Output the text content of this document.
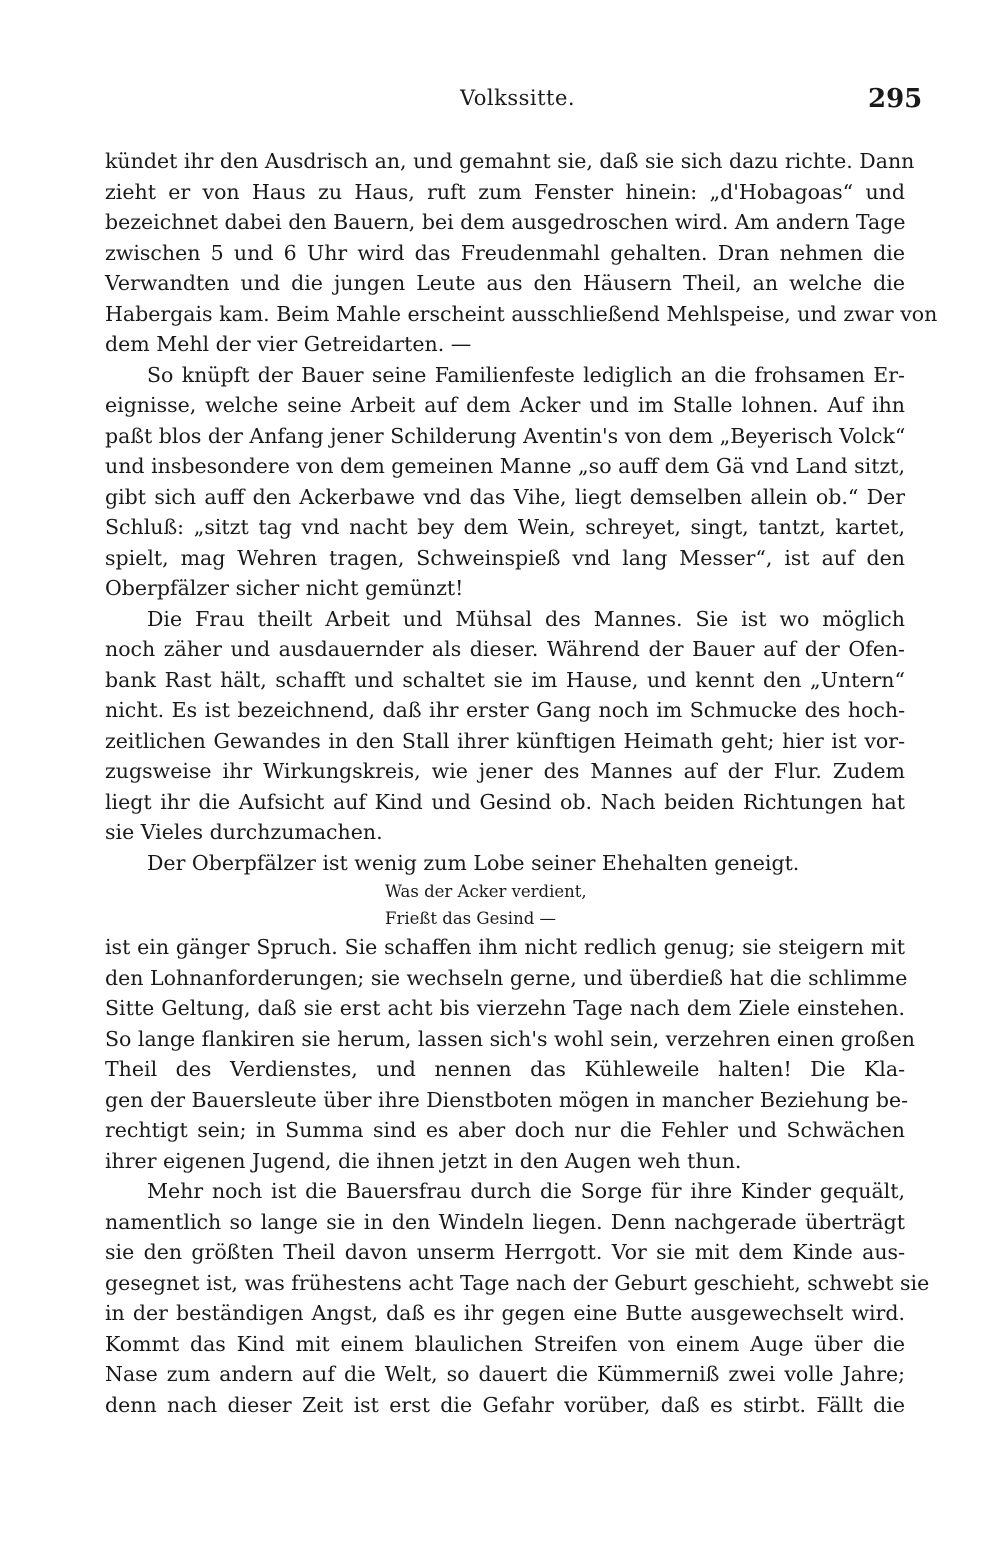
Volkssitte.	295
kündet ihr den Ausdrisch an, und gemahnt sie, daß sie sich dazu richte. Dann
zieht er von Haus zu Haus, ruft zum Fenster hinein: „d'Hobagoas“ und
bezeichnet dabei den Bauern, bei dem ausgedroschen wird. Am andern Tage
zwischen 5 und 6 Uhr wird das Freudenmahl gehalten. Dran nehmen die
Verwandten und die jungen Leute aus den Häusern Theil, an welche die
Habergais kam. Beim Mahle erscheint ausschließend Mehlspeise, und zwar von
dem Mehl der vier Getreidarten. —
So knüpft der Bauer seine Familienfeste lediglich an die frohsamen Er-
eignisse, welche seine Arbeit auf dem Acker und im Stalle lohnen. Auf ihn
paßt blos der Anfang jener Schilderung Aventin's von dem „Beyerisch Volck“
und insbesondere von dem gemeinen Manne „so auff dem Gä vnd Land sitzt,
gibt sich auff den Ackerbawe vnd das Vihe, liegt demselben allein ob.“ Der
Schluß: „sitzt tag vnd nacht bey dem Wein, schreyet, singt, tantzt, kartet,
spielt, mag Wehren tragen, Schweinspieß vnd lang Messer“, ist auf den
Oberpfälzer sicher nicht gemünzt!
Die Frau theilt Arbeit und Mühsal des Mannes. Sie ist wo möglich
noch zäher und ausdauernder als dieser. Während der Bauer auf der Ofen-
bank Rast hält, schafft und schaltet sie im Hause, und kennt den „Untern“
nicht. Es ist bezeichnend, daß ihr erster Gang noch im Schmucke des hoch-
zeitlichen Gewandes in den Stall ihrer künftigen Heimath geht; hier ist vor-
zugsweise ihr Wirkungskreis, wie jener des Mannes auf der Flur. Zudem
liegt ihr die Aufsicht auf Kind und Gesind ob. Nach beiden Richtungen hat
sie Vieles durchzumachen.
Der Oberpfälzer ist wenig zum Lobe seiner Ehehalten geneigt.
Was der Acker verdient,
Frießt das Gesind —
ist ein gänger Spruch. Sie schaffen ihm nicht redlich genug; sie steigern mit
den Lohnanforderungen; sie wechseln gerne, und überdieß hat die schlimme
Sitte Geltung, daß sie erst acht bis vierzehn Tage nach dem Ziele einstehen.
So lange flankiren sie herum, lassen sich's wohl sein, verzehren einen großen
Theil des Verdienstes, und nennen das Kühleweile halten! Die Kla-
gen der Bauersleute über ihre Dienstboten mögen in mancher Beziehung be-
rechtigt sein; in Summa sind es aber doch nur die Fehler und Schwächen
ihrer eigenen Jugend, die ihnen jetzt in den Augen weh thun.
Mehr noch ist die Bauersfrau durch die Sorge für ihre Kinder gequält,
namentlich so lange sie in den Windeln liegen. Denn nachgerade überträgt
sie den größten Theil davon unserm Herrgott. Vor sie mit dem Kinde aus-
gesegnet ist, was frühestens acht Tage nach der Geburt geschieht, schwebt sie
in der beständigen Angst, daß es ihr gegen eine Butte ausgewechselt wird.
Kommt das Kind mit einem blaulichen Streifen von einem Auge über die
Nase zum andern auf die Welt, so dauert die Kümmerniß zwei volle Jahre;
denn nach dieser Zeit ist erst die Gefahr vorüber, daß es stirbt. Fällt die
